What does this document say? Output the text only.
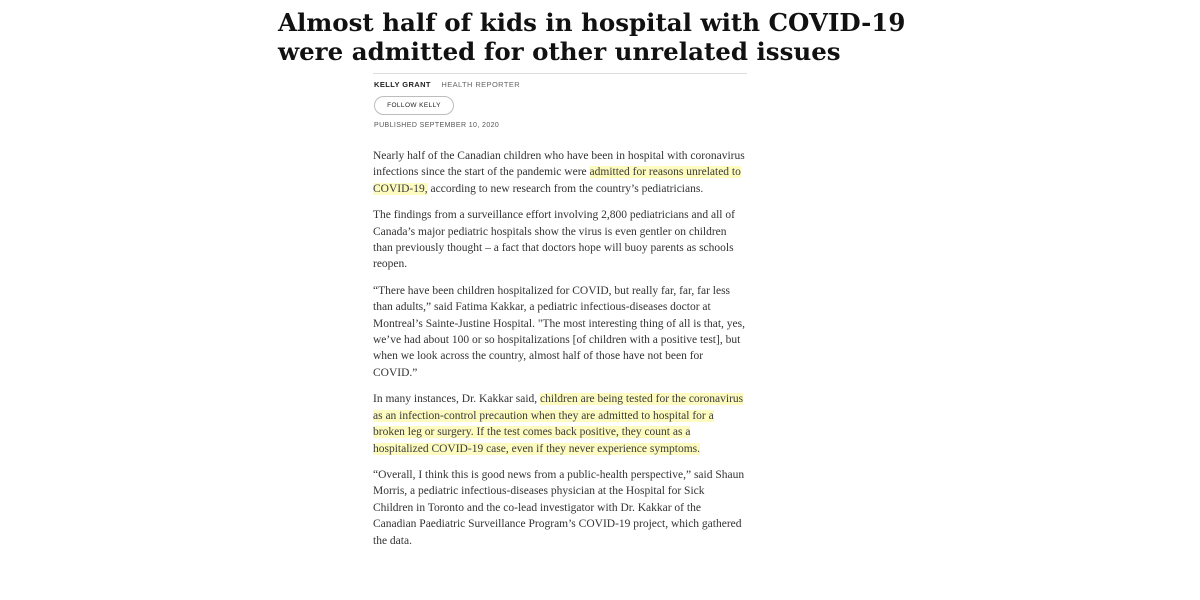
Almost half of kids in hospital with COVID-19 were admitted for other unrelated issues
KELLY GRANT HEALTH REPORTER
FOLLOW KELLY
PUBLISHED SEPTEMBER 10, 2020

Nearly half of the Canadian children who have been in hospital with coronavirus infections since the start of the pandemic were admitted for reasons unrelated to COVID-19, according to new research from the country’s pediatricians.

The findings from a surveillance effort involving 2,800 pediatricians and all of Canada’s major pediatric hospitals show the virus is even gentler on children than previously thought – a fact that doctors hope will buoy parents as schools reopen.

“There have been children hospitalized for COVID, but really far, far, far less than adults,” said Fatima Kakkar, a pediatric infectious-diseases doctor at Montreal’s Sainte-Justine Hospital. "The most interesting thing of all is that, yes, we’ve had about 100 or so hospitalizations [of children with a positive test], but when we look across the country, almost half of those have not been for COVID.”

In many instances, Dr. Kakkar said, children are being tested for the coronavirus as an infection-control precaution when they are admitted to hospital for a broken leg or surgery. If the test comes back positive, they count as a hospitalized COVID-19 case, even if they never experience symptoms.

“Overall, I think this is good news from a public-health perspective,” said Shaun Morris, a pediatric infectious-diseases physician at the Hospital for Sick Children in Toronto and the co-lead investigator with Dr. Kakkar of the Canadian Paediatric Surveillance Program’s COVID-19 project, which gathered the data.
